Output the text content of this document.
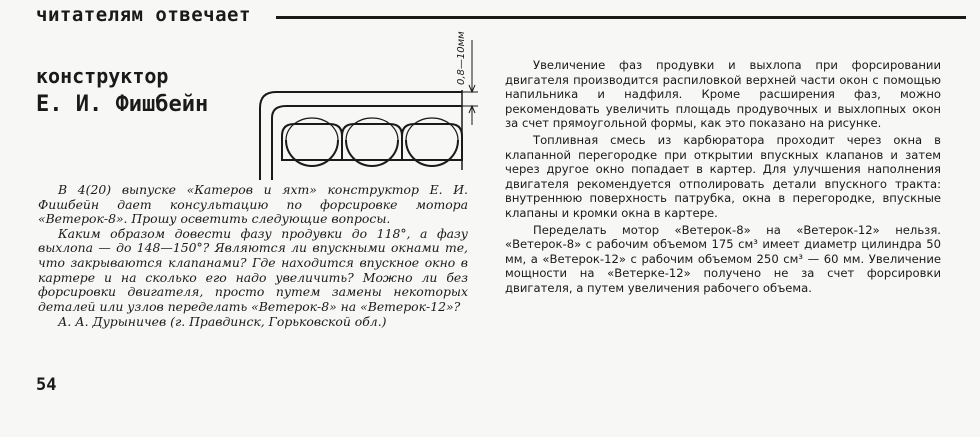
читателям отвечает
конструктор
Е. И. Фишбейн
0,8—10мм

В 4(20) выпуске «Катеров и яхт» конструктор Е. И. Фишбейн дает консультацию по форсировке мотора «Ветерок-8». Прошу осветить следующие вопросы.

Каким образом довести фазу продувки до 118°, а фазу выхлопа — до 148—150°? Являются ли впускными окнами те, что закрываются клапанами? Где находится впускное окно в картере и на сколько его надо увеличить? Можно ли без форсировки двигателя, просто путем замены некоторых деталей или узлов переделать «Ветерок-8» на «Ветерок-12»?

А. А. Дурыничев (г. Правдинск, Горьковской обл.)

Увеличение фаз продувки и выхлопа при форсировании двигателя производится распиловкой верхней части окон с помощью напильника и надфиля. Кроме расширения фаз, можно рекомендовать увеличить площадь продувочных и выхлопных окон за счет прямоугольной формы, как это показано на рисунке.

Топливная смесь из карбюратора проходит через окна в клапанной перегородке при открытии впускных клапанов и затем через другое окно попадает в картер. Для улучшения наполнения двигателя рекомендуется отполировать детали впускного тракта: внутреннюю поверхность патрубка, окна в перегородке, впускные клапаны и кромки окна в картере.

Переделать мотор «Ветерок-8» на «Ветерок-12» нельзя. «Ветерок-8» с рабочим объемом 175 см³ имеет диаметр цилиндра 50 мм, а «Ветерок-12» с рабочим объемом 250 см³ — 60 мм. Увеличение мощности на «Ветерке-12» получено не за счет форсировки двигателя, а путем увеличения рабочего объема.

54
